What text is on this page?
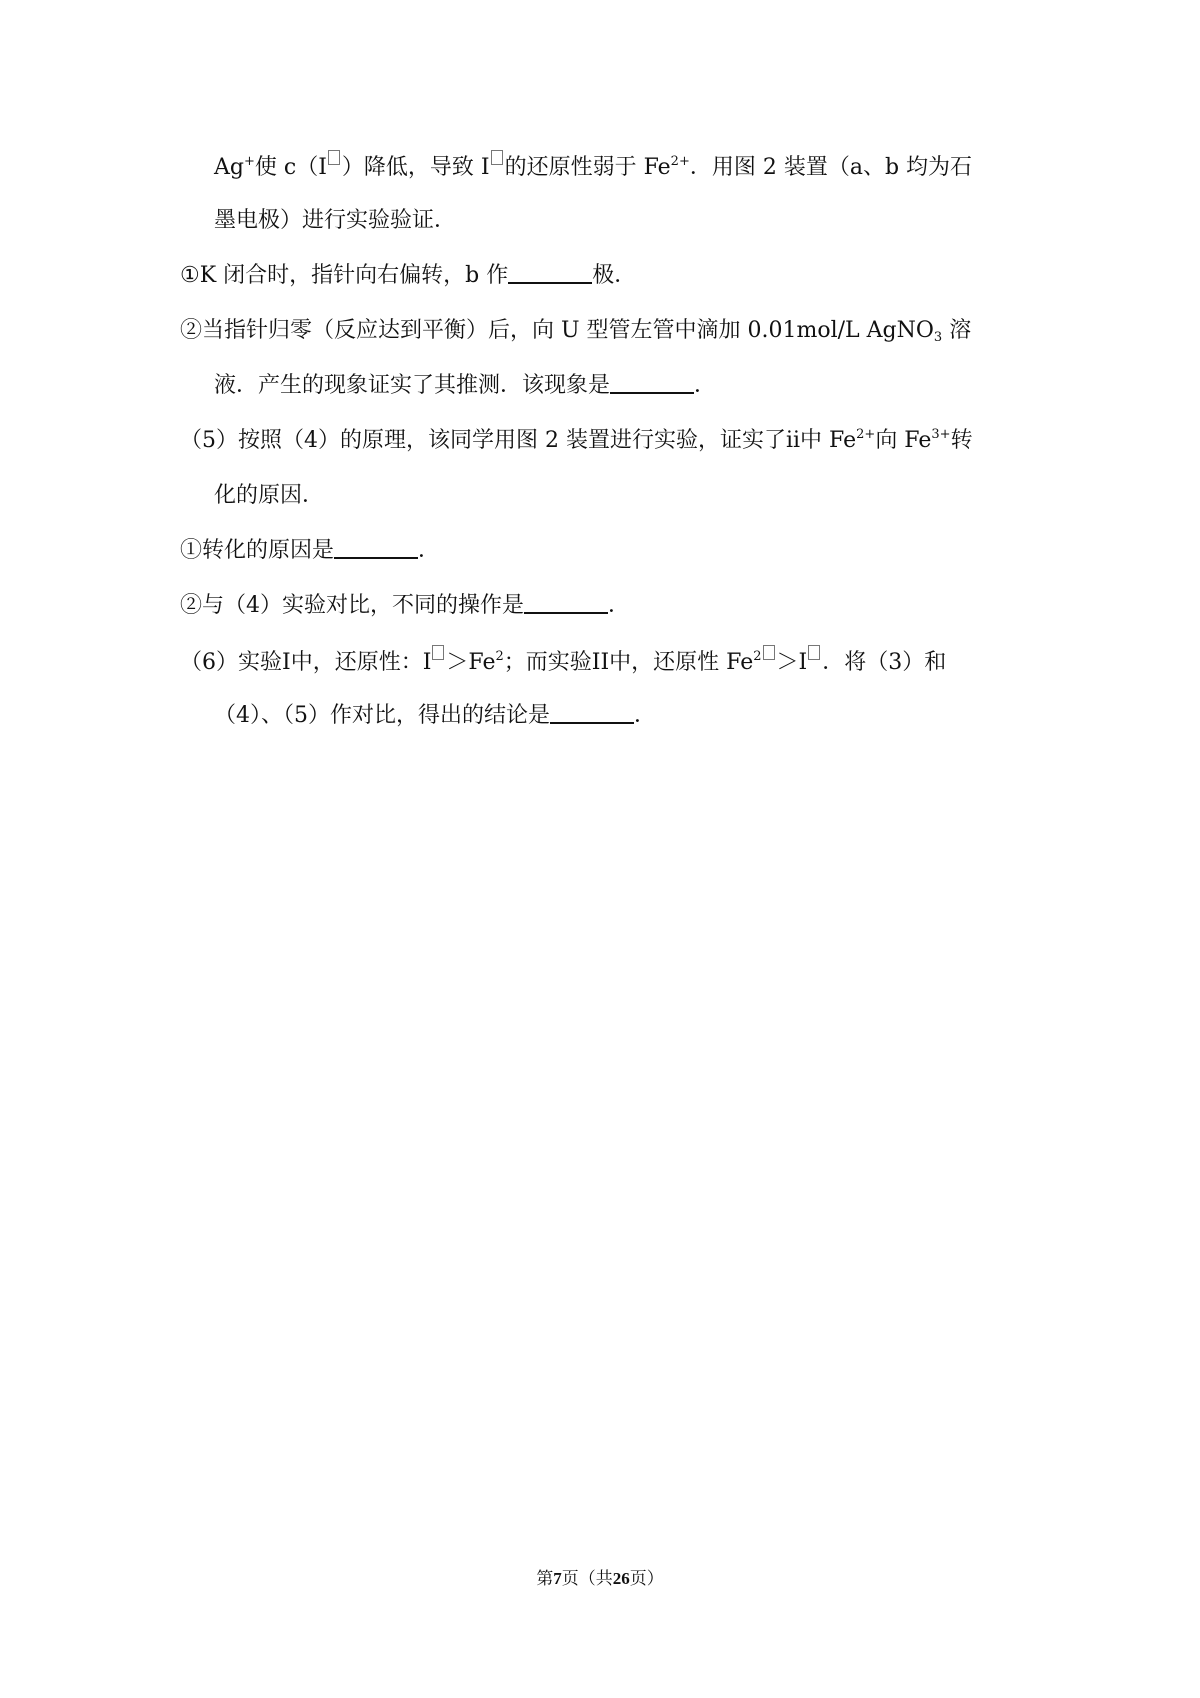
Ag+使 c（I ）降低，导致 I 的还原性弱于 $Fe^{2+}$．用图 2 装置（a、b 均为石
墨电极）进行实验验证．
①K 闭合时，指针向右偏转，b 作	极．
②当指针归零（反应达到平衡）后，向 U 型管左管中滴加 0.01mol/L AgNO$_3$ 溶
液．产生的现象证实了其推测．该现象是	．
（5）按照（4）的原理，该同学用图 2 装置进行实验，证实了ii中 $Fe^{2+}$向 $Fe^{3+}$转
化的原因．
①转化的原因是	．
②与（4）实验对比，不同的操作是	．
（6）实验I中，还原性：$I >Fe^2$；而实验II中，还原性 $Fe^2 >I$ ．将（3）和
（4）、（5）作对比，得出的结论是	．
第7页（共26页）
